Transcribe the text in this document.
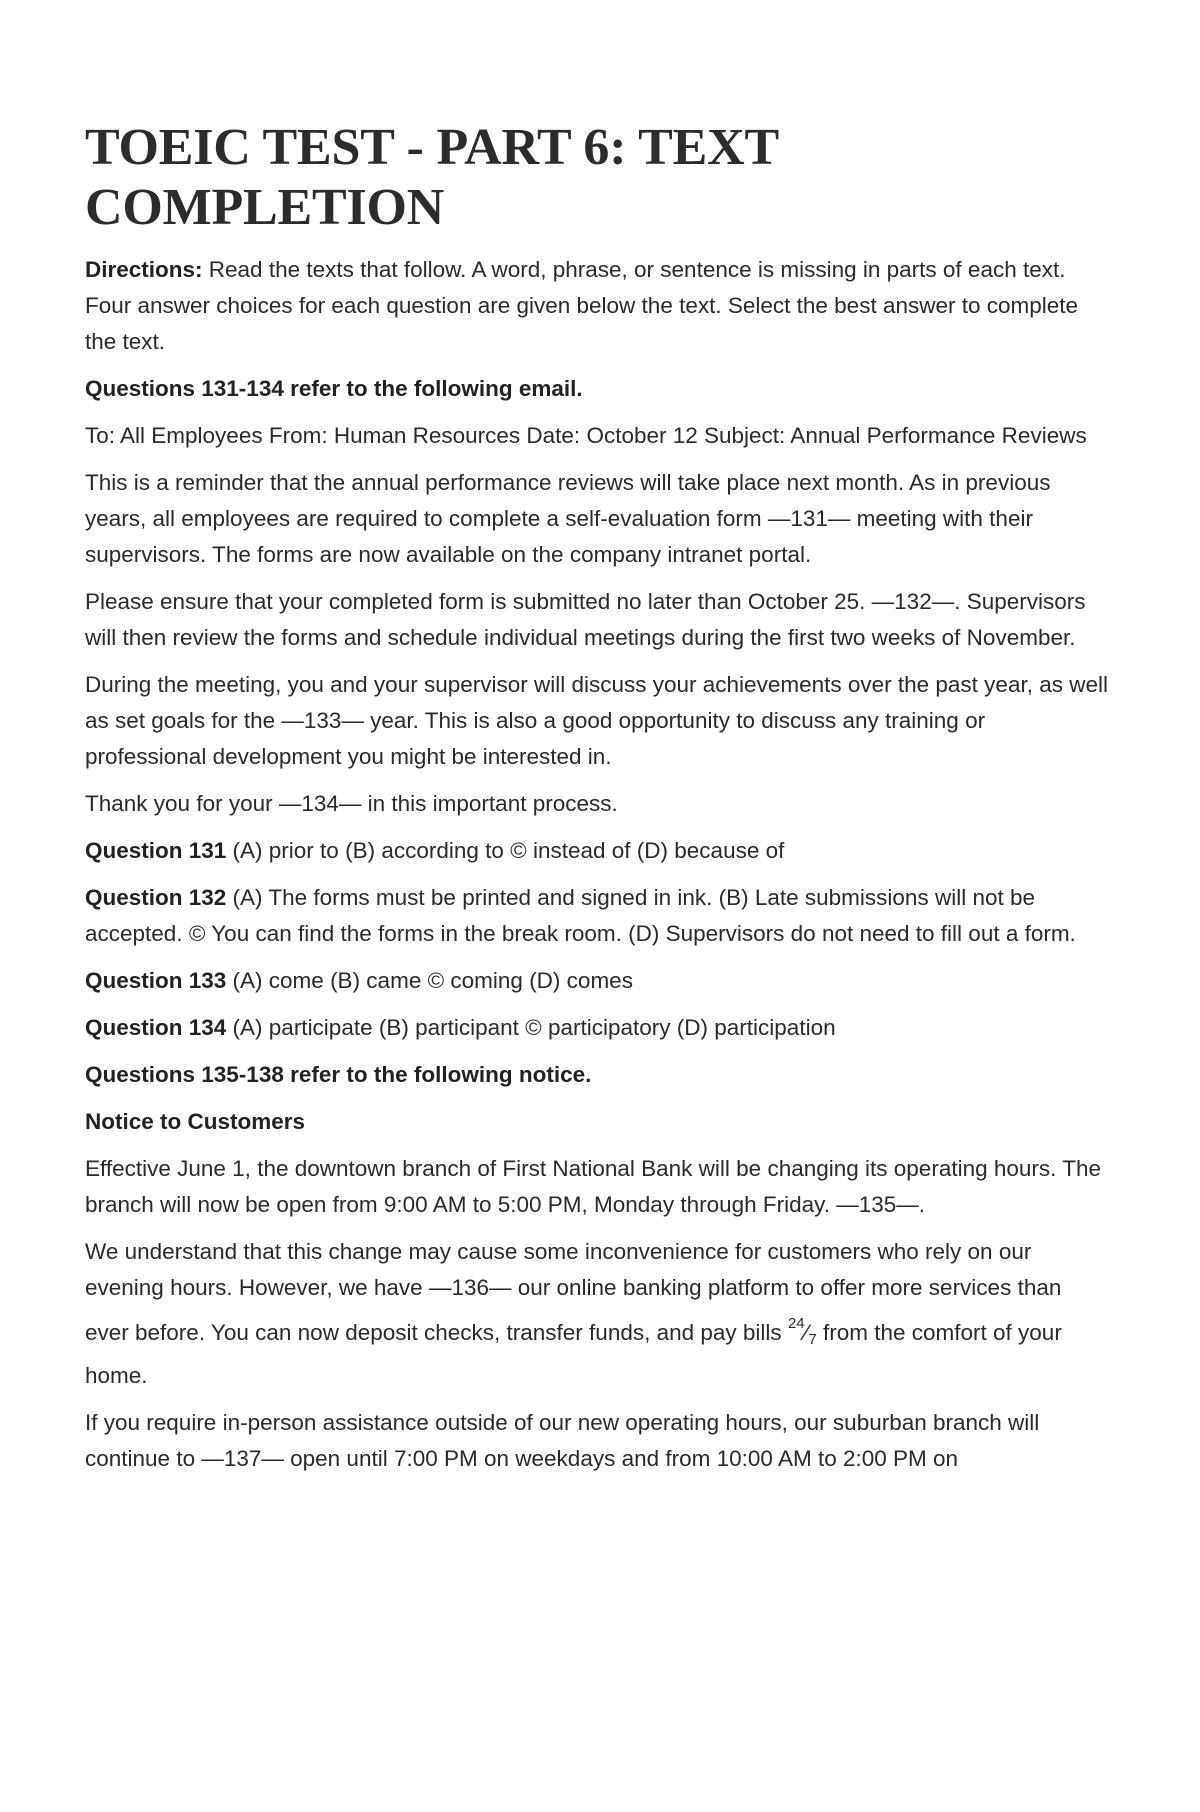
TOEIC TEST - PART 6: TEXT COMPLETION

Directions: Read the texts that follow. A word, phrase, or sentence is missing in parts of each text. Four answer choices for each question are given below the text. Select the best answer to complete the text.

Questions 131-134 refer to the following email.

To: All Employees From: Human Resources Date: October 12 Subject: Annual Performance Reviews

This is a reminder that the annual performance reviews will take place next month. As in previous years, all employees are required to complete a self-evaluation form —131— meeting with their supervisors. The forms are now available on the company intranet portal.

Please ensure that your completed form is submitted no later than October 25. —132—. Supervisors will then review the forms and schedule individual meetings during the first two weeks of November.

During the meeting, you and your supervisor will discuss your achievements over the past year, as well as set goals for the —133— year. This is also a good opportunity to discuss any training or professional development you might be interested in.

Thank you for your —134— in this important process.

Question 131 (A) prior to (B) according to © instead of (D) because of

Question 132 (A) The forms must be printed and signed in ink. (B) Late submissions will not be accepted. © You can find the forms in the break room. (D) Supervisors do not need to fill out a form.

Question 133 (A) come (B) came © coming (D) comes

Question 134 (A) participate (B) participant © participatory (D) participation

Questions 135-138 refer to the following notice.

Notice to Customers

Effective June 1, the downtown branch of First National Bank will be changing its operating hours. The branch will now be open from 9:00 AM to 5:00 PM, Monday through Friday. —135—.

We understand that this change may cause some inconvenience for customers who rely on our evening hours. However, we have —136— our online banking platform to offer more services than ever before. You can now deposit checks, transfer funds, and pay bills $^{24}⁄_7$ from the comfort of your home.

If you require in-person assistance outside of our new operating hours, our suburban branch will continue to —137— open until 7:00 PM on weekdays and from 10:00 AM to 2:00 PM on
